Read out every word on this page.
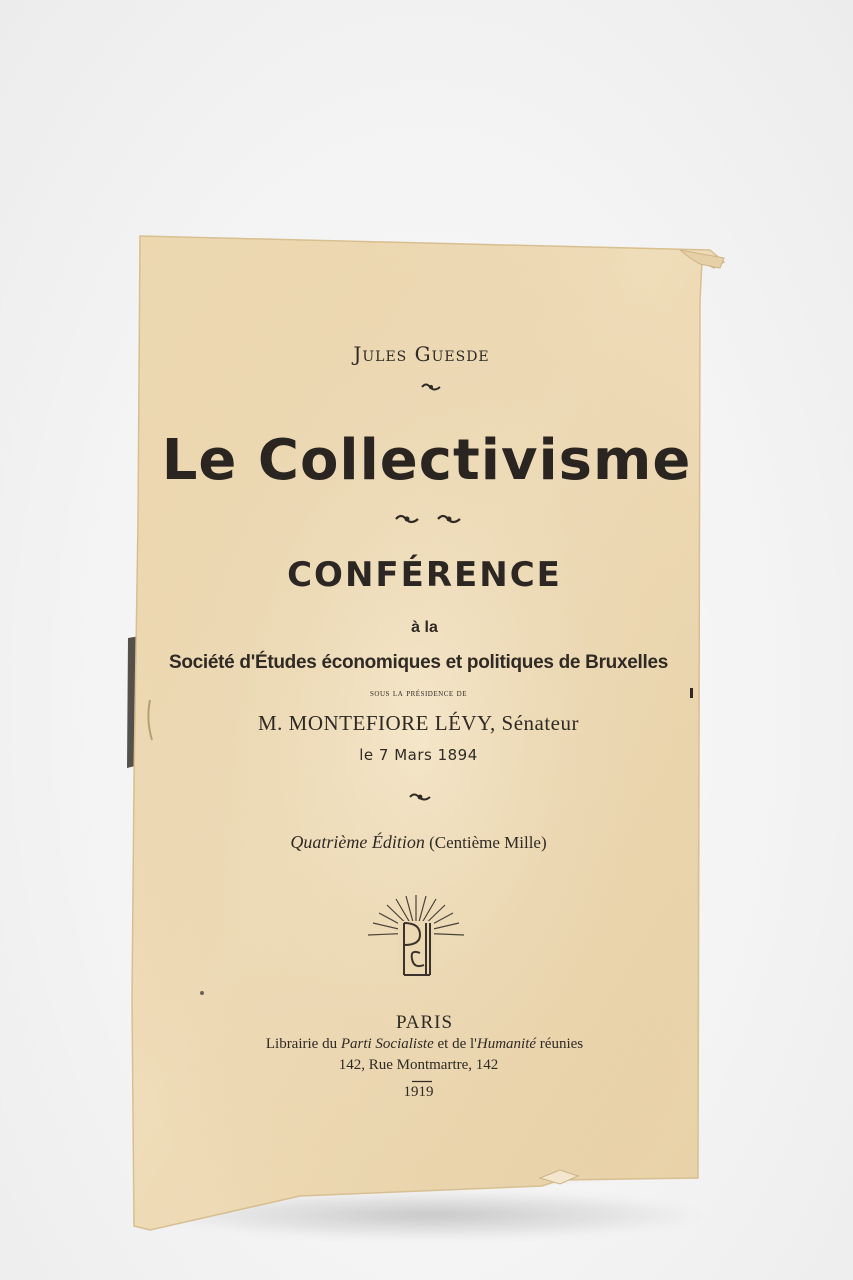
Jules Guesde
Le Collectivisme
CONFÉRENCE
à la
Société d'Études économiques et politiques de Bruxelles
sous la présidence de
M. MONTEFIORE LÉVY, Sénateur
le 7 Mars 1894
Quatrième Édition (Centième Mille)
PARIS
Librairie du Parti Socialiste et de l'Humanité réunies
142, Rue Montmartre, 142
1919
